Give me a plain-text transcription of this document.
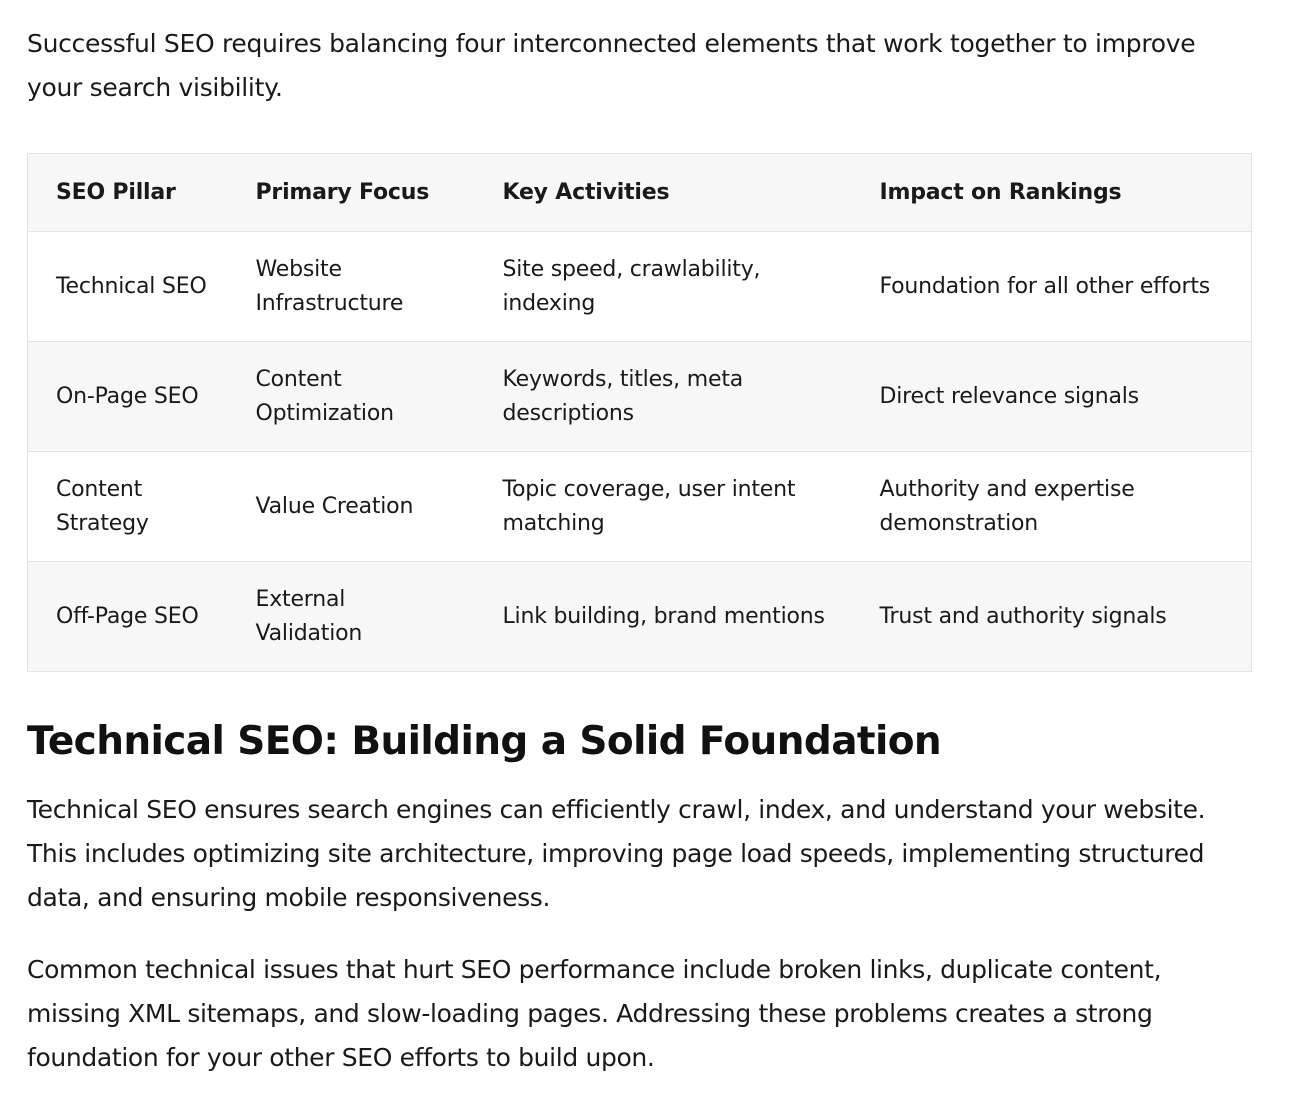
Successful SEO requires balancing four interconnected elements that work together to improve your search visibility.

SEO Pillar	Primary Focus	Key Activities	Impact on Rankings
Technical SEO	Website Infrastructure	Site speed, crawlability, indexing	Foundation for all other efforts
On-Page SEO	Content Optimization	Keywords, titles, meta descriptions	Direct relevance signals
Content Strategy	Value Creation	Topic coverage, user intent matching	Authority and expertise demonstration
Off-Page SEO	External Validation	Link building, brand mentions	Trust and authority signals
Technical SEO: Building a Solid Foundation

Technical SEO ensures search engines can efficiently crawl, index, and understand your website. This includes optimizing site architecture, improving page load speeds, implementing structured data, and ensuring mobile responsiveness.

Common technical issues that hurt SEO performance include broken links, duplicate content, missing XML sitemaps, and slow-loading pages. Addressing these problems creates a strong foundation for your other SEO efforts to build upon.
